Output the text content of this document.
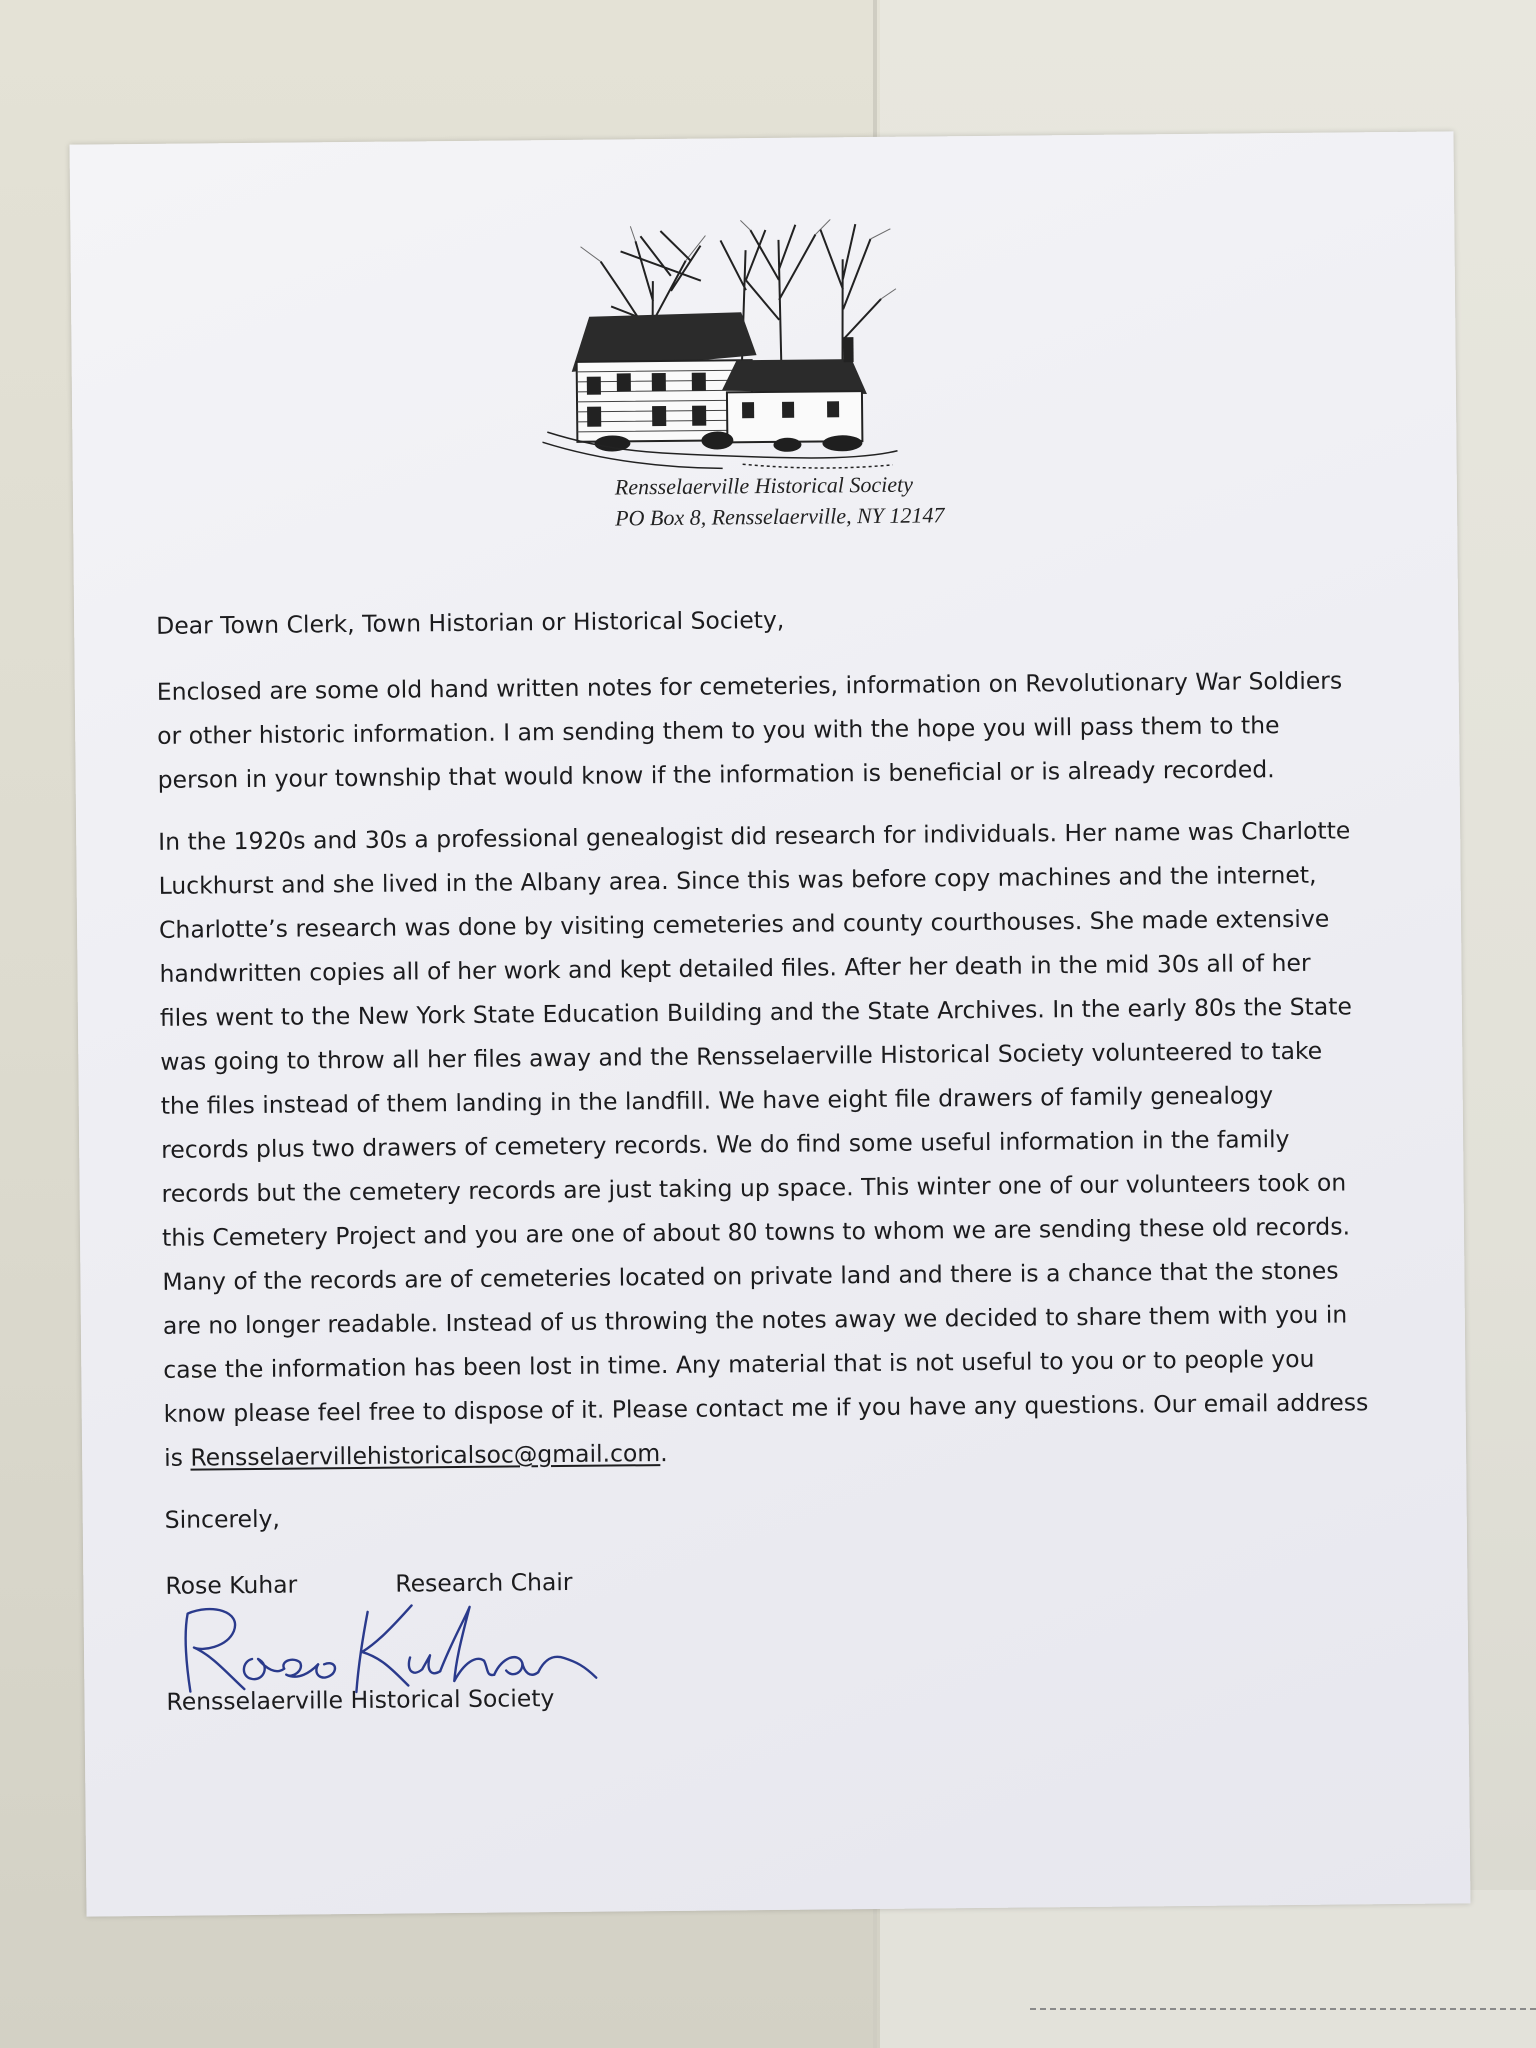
Rensselaerville Historical Society
PO Box 8, Rensselaerville, NY 12147

Dear Town Clerk, Town Historian or Historical Society,

Enclosed are some old hand written notes for cemeteries, information on Revolutionary War Soldiers or other historic information. I am sending them to you with the hope you will pass them to the person in your township that would know if the information is beneficial or is already recorded.

In the 1920s and 30s a professional genealogist did research for individuals. Her name was Charlotte Luckhurst and she lived in the Albany area. Since this was before copy machines and the internet, Charlotte’s research was done by visiting cemeteries and county courthouses. She made extensive handwritten copies all of her work and kept detailed files. After her death in the mid 30s all of her files went to the New York State Education Building and the State Archives. In the early 80s the State was going to throw all her files away and the Rensselaerville Historical Society volunteered to take the files instead of them landing in the landfill. We have eight file drawers of family genealogy records plus two drawers of cemetery records. We do find some useful information in the family records but the cemetery records are just taking up space. This winter one of our volunteers took on this Cemetery Project and you are one of about 80 towns to whom we are sending these old records. Many of the records are of cemeteries located on private land and there is a chance that the stones are no longer readable. Instead of us throwing the notes away we decided to share them with you in case the information has been lost in time. Any material that is not useful to you or to people you know please feel free to dispose of it. Please contact me if you have any questions. Our email address is Rensselaervillehistoricalsoc@gmail.com.

Sincerely,

Rose Kuhar	Research Chair

Rensselaerville Historical Society
